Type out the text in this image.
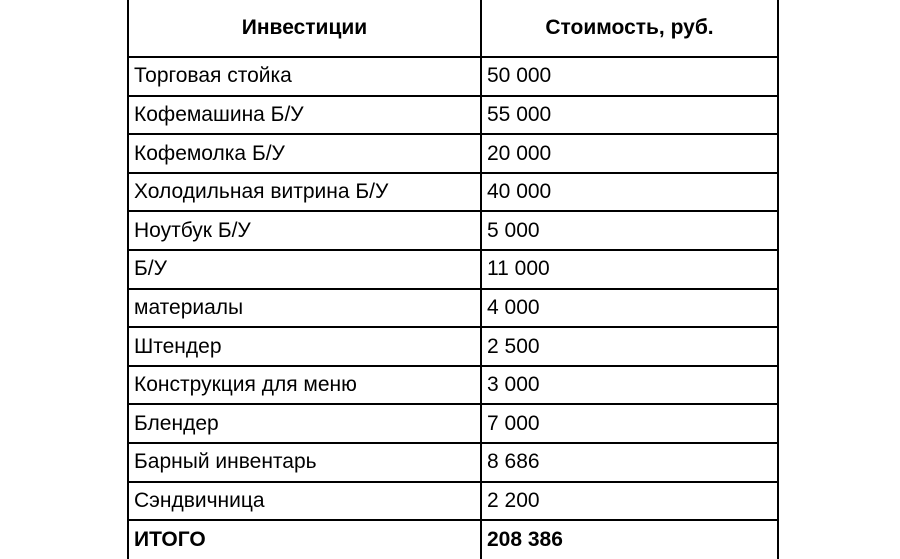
Инвестиции	Стоимость, руб.
Торговая стойка	50 000
Кофемашина Б/У	55 000
Кофемолка Б/У	20 000
Холодильная витрина Б/У	40 000
Ноутбук Б/У	5 000
Б/У	11 000
материалы	4 000
Штендер	2 500
Конструкция для меню	3 000
Блендер	7 000
Барный инвентарь	8 686
Сэндвичница	2 200
ИТОГО	208 386
